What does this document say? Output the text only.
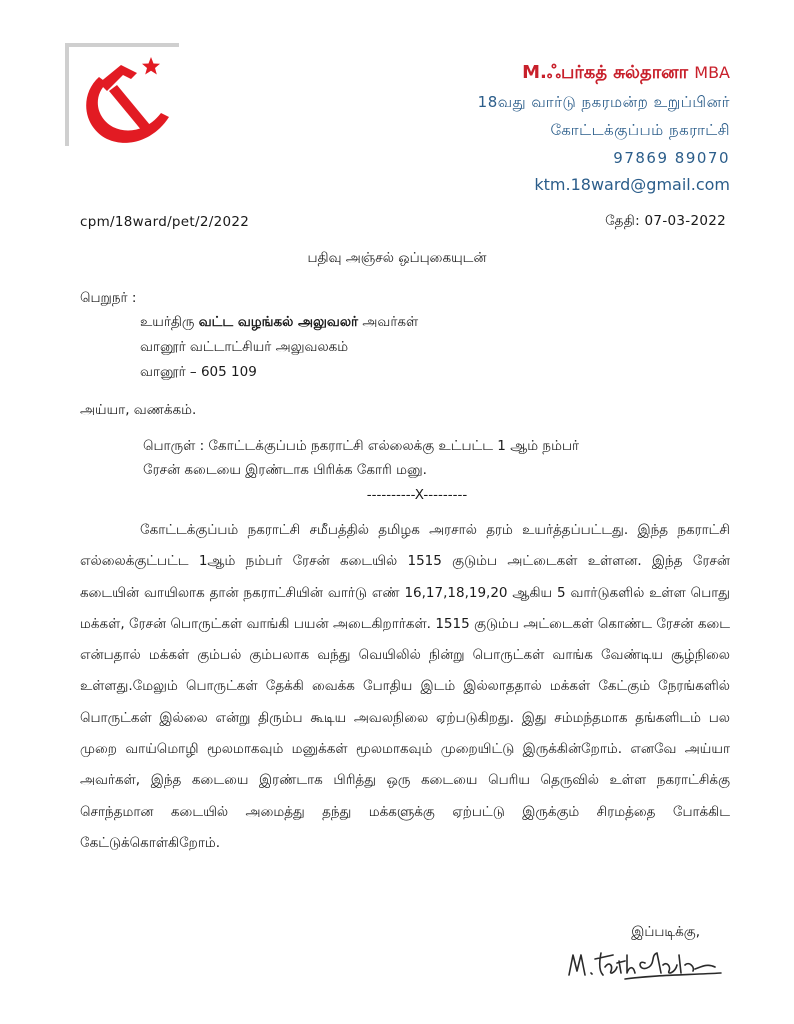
M.ஃபர்கத் சுல்தானா MBA
18வது வார்டு நகரமன்ற உறுப்பினர்
கோட்டக்குப்பம் நகராட்சி
97869 89070
ktm.18ward@gmail.com
cpm/18ward/pet/2/2022	தேதி: 07-03-2022
பதிவு அஞ்சல் ஒப்புகையுடன்
பெறுநர் :
உயர்திரு வட்ட வழங்கல் அலுவலர் அவர்கள்
வானூர் வட்டாட்சியர் அலுவலகம்
வானூர் – 605 109
அய்யா, வணக்கம்.
பொருள் : கோட்டக்குப்பம் நகராட்சி எல்லைக்கு உட்பட்ட 1 ஆம் நம்பர்
ரேசன் கடையை இரண்டாக பிரிக்க கோரி மனு.
----------X---------
கோட்டக்குப்பம் நகராட்சி சமீபத்தில் தமிழக அரசால் தரம் உயர்த்தப்பட்டது. இந்த நகராட்சி எல்லைக்குட்பட்ட 1ஆம் நம்பர் ரேசன் கடையில் 1515 குடும்ப அட்டைகள் உள்ளன. இந்த ரேசன் கடையின் வாயிலாக தான் நகராட்சியின் வார்டு எண் 16,17,18,19,20 ஆகிய 5 வார்டுகளில் உள்ள பொது மக்கள், ரேசன் பொருட்கள் வாங்கி பயன் அடைகிறார்கள். 1515 குடும்ப அட்டைகள் கொண்ட ரேசன் கடை என்பதால் மக்கள் கும்பல் கும்பலாக வந்து வெயிலில் நின்று பொருட்கள் வாங்க வேண்டிய சூழ்நிலை உள்ளது.மேலும் பொருட்கள் தேக்கி வைக்க போதிய இடம் இல்லாததால் மக்கள் கேட்கும் நேரங்களில் பொருட்கள் இல்லை என்று திரும்ப கூடிய அவலநிலை ஏற்படுகிறது. இது சம்மந்தமாக தங்களிடம் பல முறை வாய்மொழி மூலமாகவும் மனுக்கள் மூலமாகவும் முறையிட்டு இருக்கின்றோம். எனவே அய்யா அவர்கள், இந்த கடையை இரண்டாக பிரித்து ஒரு கடையை பெரிய தெருவில் உள்ள நகராட்சிக்கு சொந்தமான கடையில் அமைத்து தந்து மக்களுக்கு ஏற்பட்டு இருக்கும் சிரமத்தை போக்கிட கேட்டுக்கொள்கிறோம்.
இப்படிக்கு,
